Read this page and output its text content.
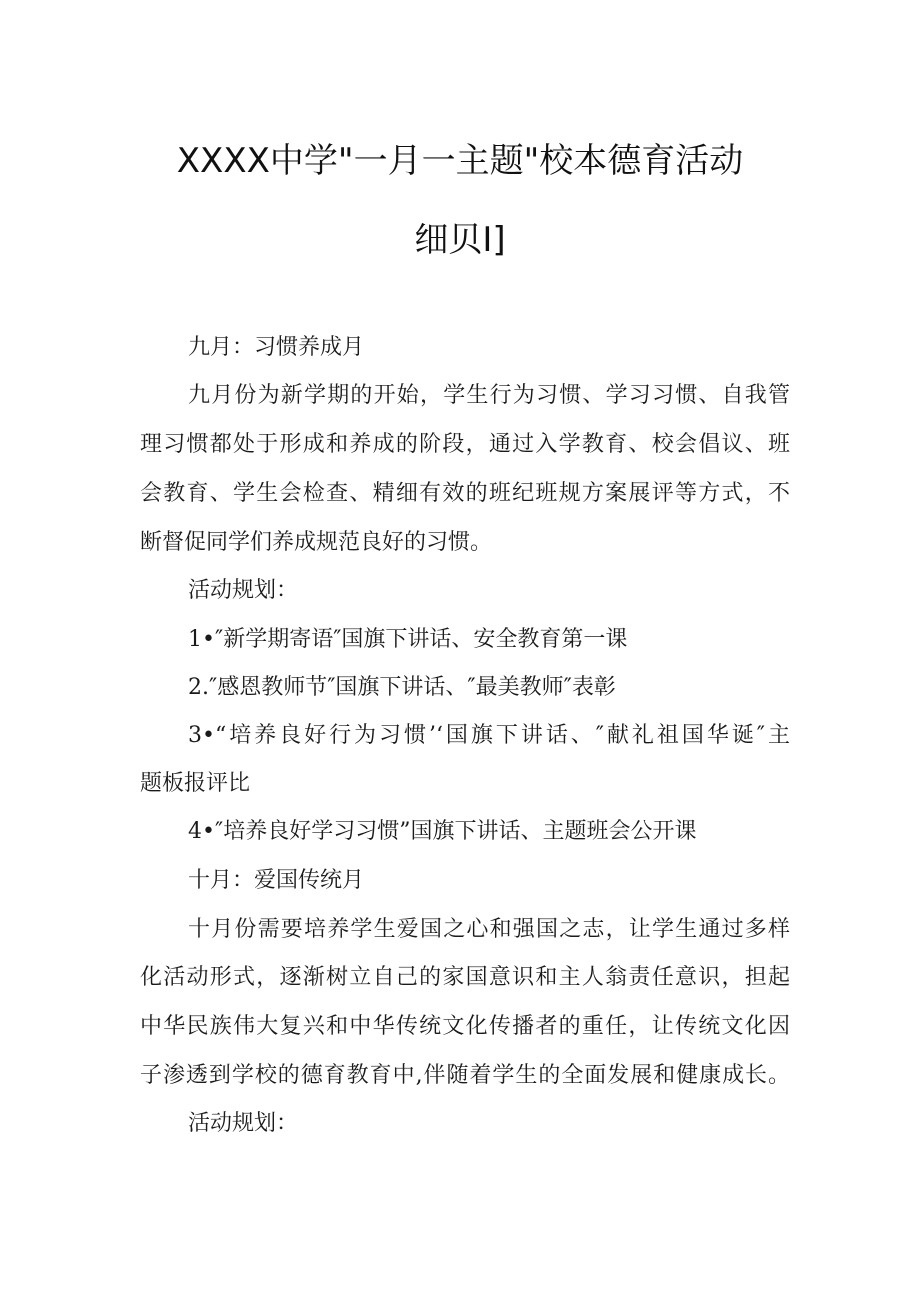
XXXX中学"一月一主题"校本德育活动
细贝I]
九月：习惯养成月
九月份为新学期的开始，学生行为习惯、学习习惯、自我管
理习惯都处于形成和养成的阶段，通过入学教育、校会倡议、班
会教育、学生会检查、精细有效的班纪班规方案展评等方式，不
断督促同学们养成规范良好的习惯。
活动规划：
1•″新学期寄语″国旗下讲话、安全教育第一课
2.″感恩教师节″国旗下讲话、″最美教师″表彰
3•“培养良好行为习惯’‘国旗下讲话、″献礼祖国华诞″主
题板报评比
4•″培养良好学习习惯”国旗下讲话、主题班会公开课
十月：爱国传统月
十月份需要培养学生爱国之心和强国之志，让学生通过多样
化活动形式，逐渐树立自己的家国意识和主人翁责任意识，担起
中华民族伟大复兴和中华传统文化传播者的重任，让传统文化因
子渗透到学校的德育教育中,伴随着学生的全面发展和健康成长。
活动规划：
